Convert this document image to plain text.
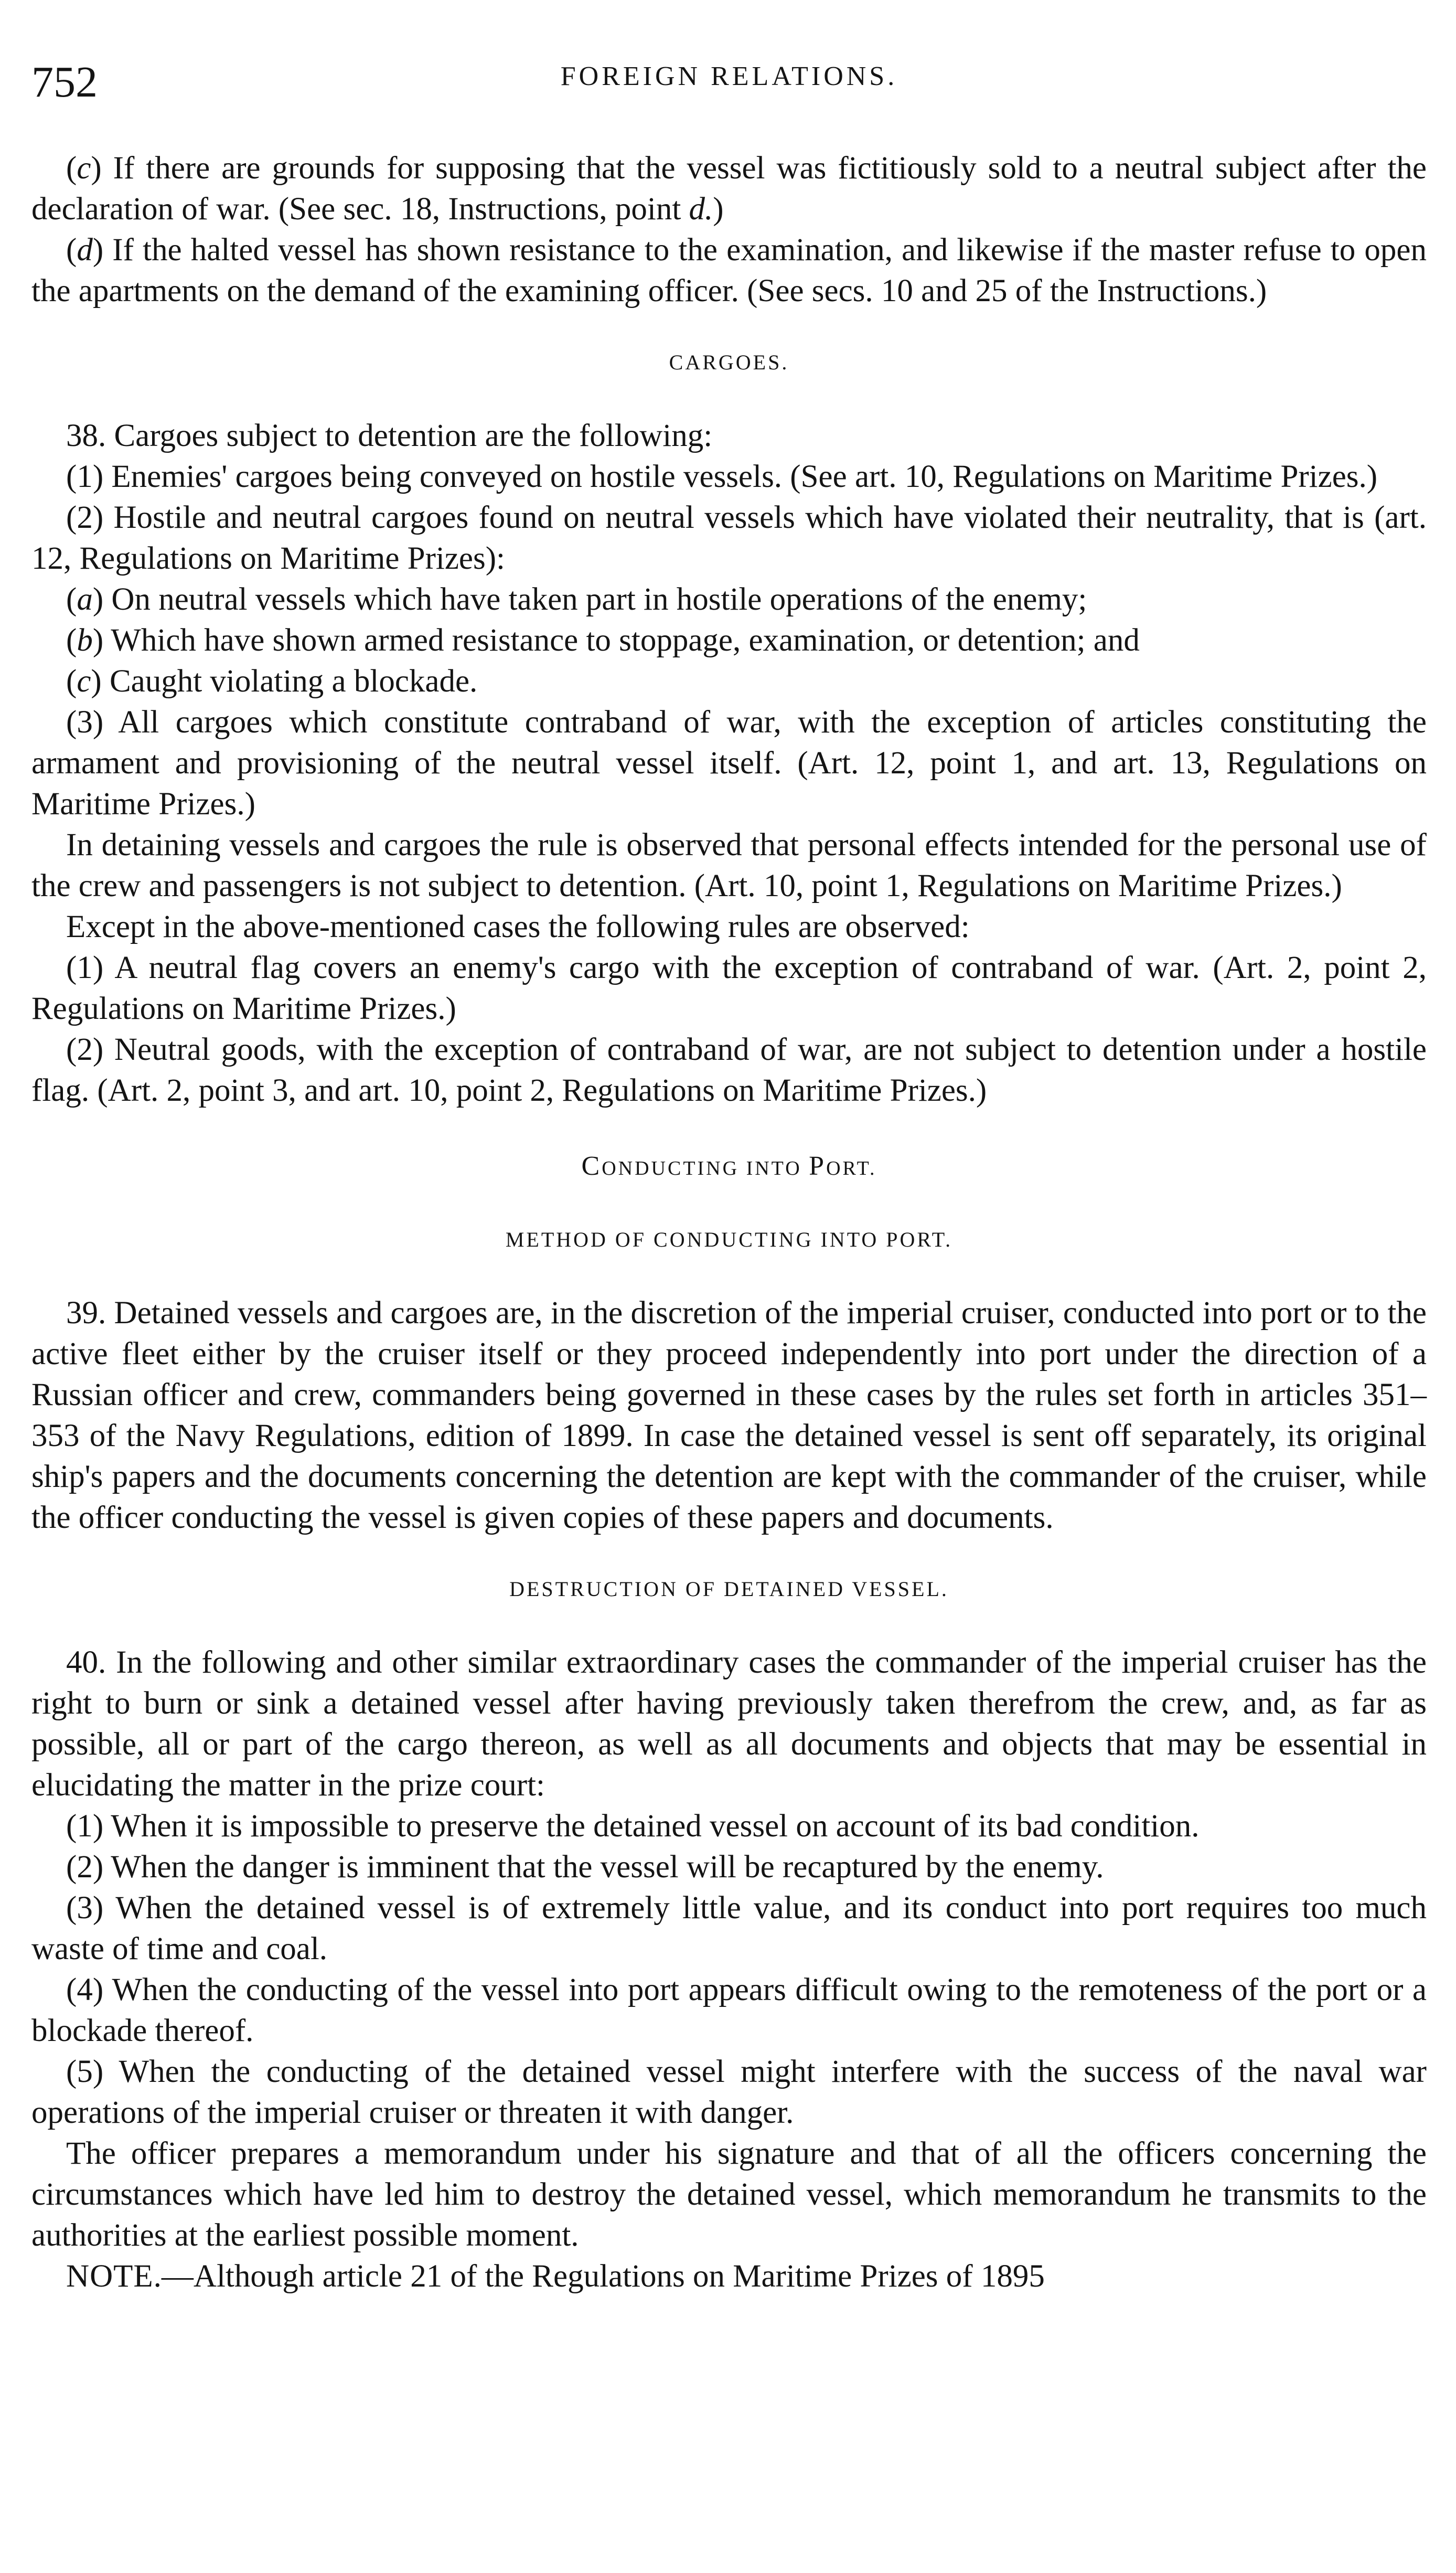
752	FOREIGN RELATIONS.

(c) If there are grounds for supposing that the vessel was fictitiously sold to a neutral subject after the declaration of war. (See sec. 18, Instructions, point d.)

(d) If the halted vessel has shown resistance to the examination, and likewise if the master refuse to open the apartments on the demand of the examining officer. (See secs. 10 and 25 of the Instructions.)

CARGOES.

38. Cargoes subject to detention are the following:

(1) Enemies' cargoes being conveyed on hostile vessels. (See art. 10, Regulations on Maritime Prizes.)

(2) Hostile and neutral cargoes found on neutral vessels which have violated their neutrality, that is (art. 12, Regulations on Maritime Prizes):

(a) On neutral vessels which have taken part in hostile operations of the enemy;

(b) Which have shown armed resistance to stoppage, examination, or detention; and

(c) Caught violating a blockade.

(3) All cargoes which constitute contraband of war, with the exception of articles constituting the armament and provisioning of the neutral vessel itself. (Art. 12, point 1, and art. 13, Regulations on Maritime Prizes.)

In detaining vessels and cargoes the rule is observed that personal effects intended for the personal use of the crew and passengers is not subject to detention. (Art. 10, point 1, Regulations on Maritime Prizes.)

Except in the above-mentioned cases the following rules are observed:

(1) A neutral flag covers an enemy's cargo with the exception of contraband of war. (Art. 2, point 2, Regulations on Maritime Prizes.)

(2) Neutral goods, with the exception of contraband of war, are not subject to detention under a hostile flag. (Art. 2, point 3, and art. 10, point 2, Regulations on Maritime Prizes.)

CONDUCTING INTO PORT.
METHOD OF CONDUCTING INTO PORT.

39. Detained vessels and cargoes are, in the discretion of the imperial cruiser, conducted into port or to the active fleet either by the cruiser itself or they proceed independently into port under the direction of a Russian officer and crew, commanders being governed in these cases by the rules set forth in articles 351–353 of the Navy Regulations, edition of 1899. In case the detained vessel is sent off separately, its original ship's papers and the documents concerning the detention are kept with the commander of the cruiser, while the officer conducting the vessel is given copies of these papers and documents.

DESTRUCTION OF DETAINED VESSEL.

40. In the following and other similar extraordinary cases the commander of the imperial cruiser has the right to burn or sink a detained vessel after having previously taken therefrom the crew, and, as far as possible, all or part of the cargo thereon, as well as all documents and objects that may be essential in elucidating the matter in the prize court:

(1) When it is impossible to preserve the detained vessel on account of its bad condition.

(2) When the danger is imminent that the vessel will be recaptured by the enemy.

(3) When the detained vessel is of extremely little value, and its conduct into port requires too much waste of time and coal.

(4) When the conducting of the vessel into port appears difficult owing to the remoteness of the port or a blockade thereof.

(5) When the conducting of the detained vessel might interfere with the success of the naval war operations of the imperial cruiser or threaten it with danger.

The officer prepares a memorandum under his signature and that of all the officers concerning the circumstances which have led him to destroy the detained vessel, which memorandum he transmits to the authorities at the earliest possible moment.

NOTE.—Although article 21 of the Regulations on Maritime Prizes of 1895
